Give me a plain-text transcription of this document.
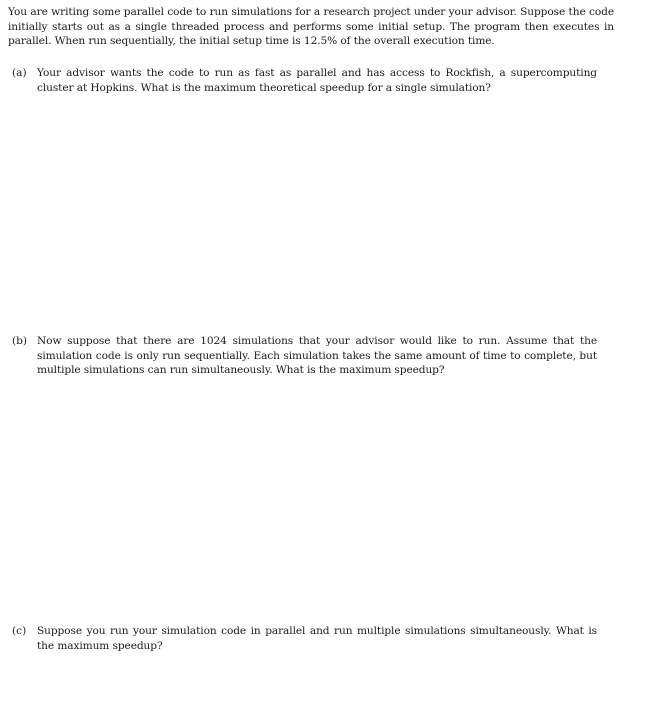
You are writing some parallel code to run simulations for a research project under your advisor. Suppose the code initially starts out as a single threaded process and performs some initial setup. The program then executes in parallel. When run sequentially, the initial setup time is 12.5% of the overall execution time.

(a) Your advisor wants the code to run as fast as parallel and has access to Rockfish, a supercomputing cluster at Hopkins. What is the maximum theoretical speedup for a single simulation?
(b) Now suppose that there are 1024 simulations that your advisor would like to run. Assume that the simulation code is only run sequentially. Each simulation takes the same amount of time to complete, but multiple simulations can run simultaneously. What is the maximum speedup?
(c) Suppose you run your simulation code in parallel and run multiple simulations simultaneously. What is the maximum speedup?
